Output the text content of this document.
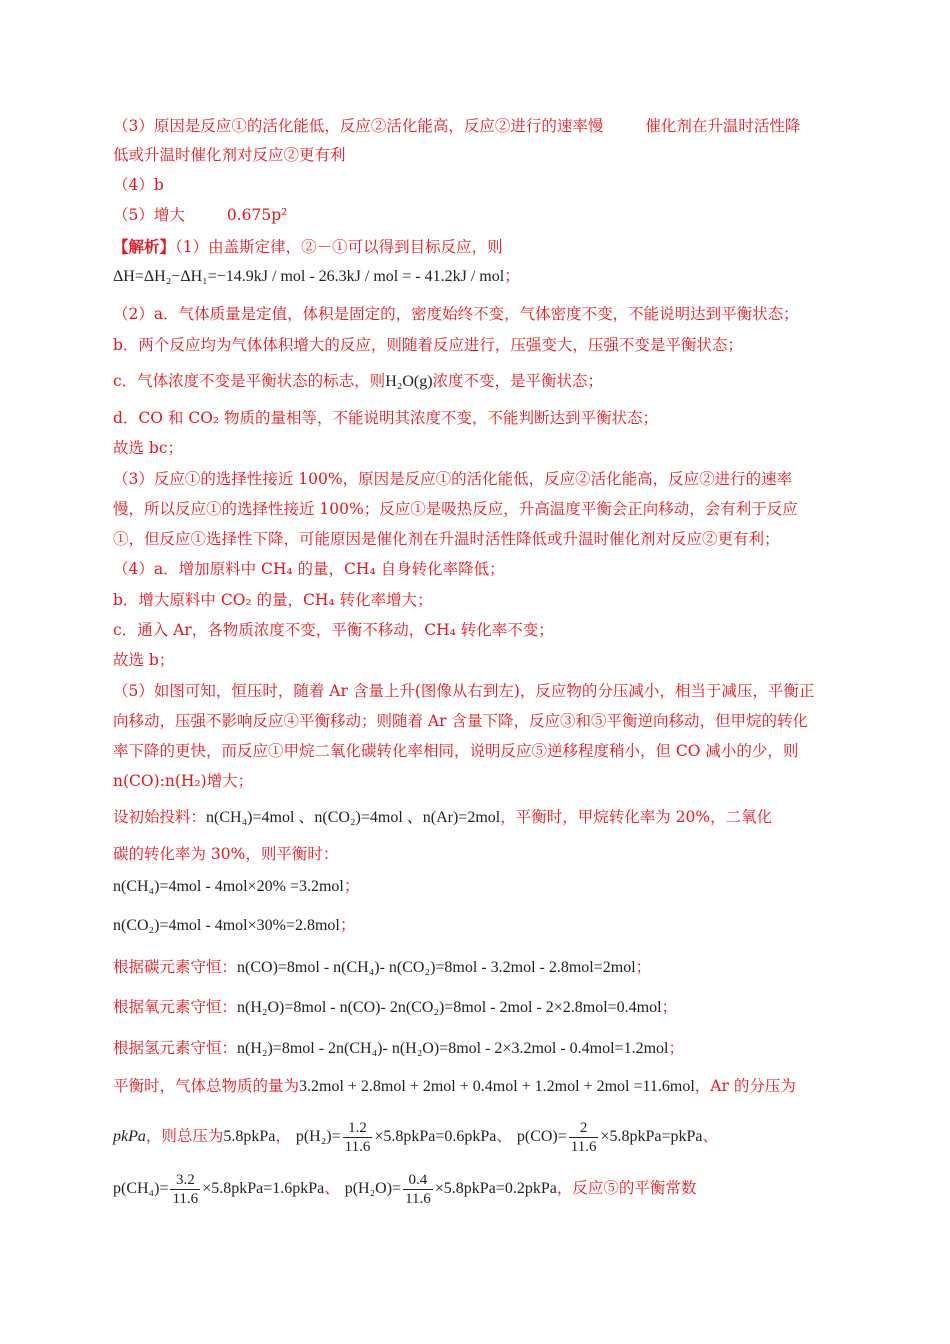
（3）原因是反应①的活化能低，反应②活化能高，反应②进行的速率慢	催化剂在升温时活性降
低或升温时催化剂对反应②更有利
（4）b
（5）增大	0.675p²
【解析】（1）由盖斯定律，②－①可以得到目标反应，则
ΔH=ΔH₂−ΔH₁=−14.9kJ / mol - 26.3kJ / mol = - 41.2kJ / mol；
（2）a．气体质量是定值，体积是固定的，密度始终不变，气体密度不变，不能说明达到平衡状态；
b．两个反应均为气体体积增大的反应，则随着反应进行，压强变大，压强不变是平衡状态；
c．气体浓度不变是平衡状态的标志，则H₂O(g)浓度不变，是平衡状态；
d．CO 和 CO₂ 物质的量相等，不能说明其浓度不变，不能判断达到平衡状态；
故选 bc；
（3）反应①的选择性接近 100%，原因是反应①的活化能低，反应②活化能高，反应②进行的速率
慢，所以反应①的选择性接近 100%；反应①是吸热反应，升高温度平衡会正向移动，会有利于反应
①，但反应①选择性下降，可能原因是催化剂在升温时活性降低或升温时催化剂对反应②更有利；
（4）a．增加原料中 CH₄ 的量，CH₄ 自身转化率降低；
b．增大原料中 CO₂ 的量，CH₄ 转化率增大；
c．通入 Ar，各物质浓度不变，平衡不移动，CH₄ 转化率不变；
故选 b；
（5）如图可知，恒压时，随着 Ar 含量上升(图像从右到左)，反应物的分压减小，相当于减压，平衡正
向移动，压强不影响反应④平衡移动；则随着 Ar 含量下降，反应③和⑤平衡逆向移动，但甲烷的转化
率下降的更快，而反应①甲烷二氧化碳转化率相同，说明反应⑤逆移程度稍小，但 CO 减小的少，则
n(CO):n(H₂)增大；
设初始投料：n(CH₄)=4mol 、n(CO₂)=4mol 、n(Ar)=2mol，平衡时，甲烷转化率为 20%，二氧化
碳的转化率为 30%，则平衡时：
n(CH₄)=4mol - 4mol×20% =3.2mol；
n(CO₂)=4mol - 4mol×30%=2.8mol；
根据碳元素守恒：n(CO)=8mol - n(CH₄)- n(CO₂)=8mol - 3.2mol - 2.8mol=2mol；
根据氧元素守恒：n(H₂O)=8mol - n(CO)- 2n(CO₂)=8mol - 2mol - 2×2.8mol=0.4mol；
根据氢元素守恒：n(H₂)=8mol - 2n(CH₄)- n(H₂O)=8mol - 2×3.2mol - 0.4mol=1.2mol；
平衡时，气体总物质的量为3.2mol + 2.8mol + 2mol + 0.4mol + 1.2mol + 2mol =11.6mol，Ar 的分压为
pkPa，则总压为5.8pkPa， $p(H_2)= \frac{1.2}{11.6}$ ×5.8pkPa=0.6pkPa、 $p(CO)= \frac{2}{11.6}$ ×5.8pkPa=pkPa、
$p(CH_4)= \frac{3.2}{11.6}$ ×5.8pkPa=1.6pkPa、 $p(H_2O)= \frac{0.4}{11.6}$ ×5.8pkPa=0.2pkPa，反应⑤的平衡常数
